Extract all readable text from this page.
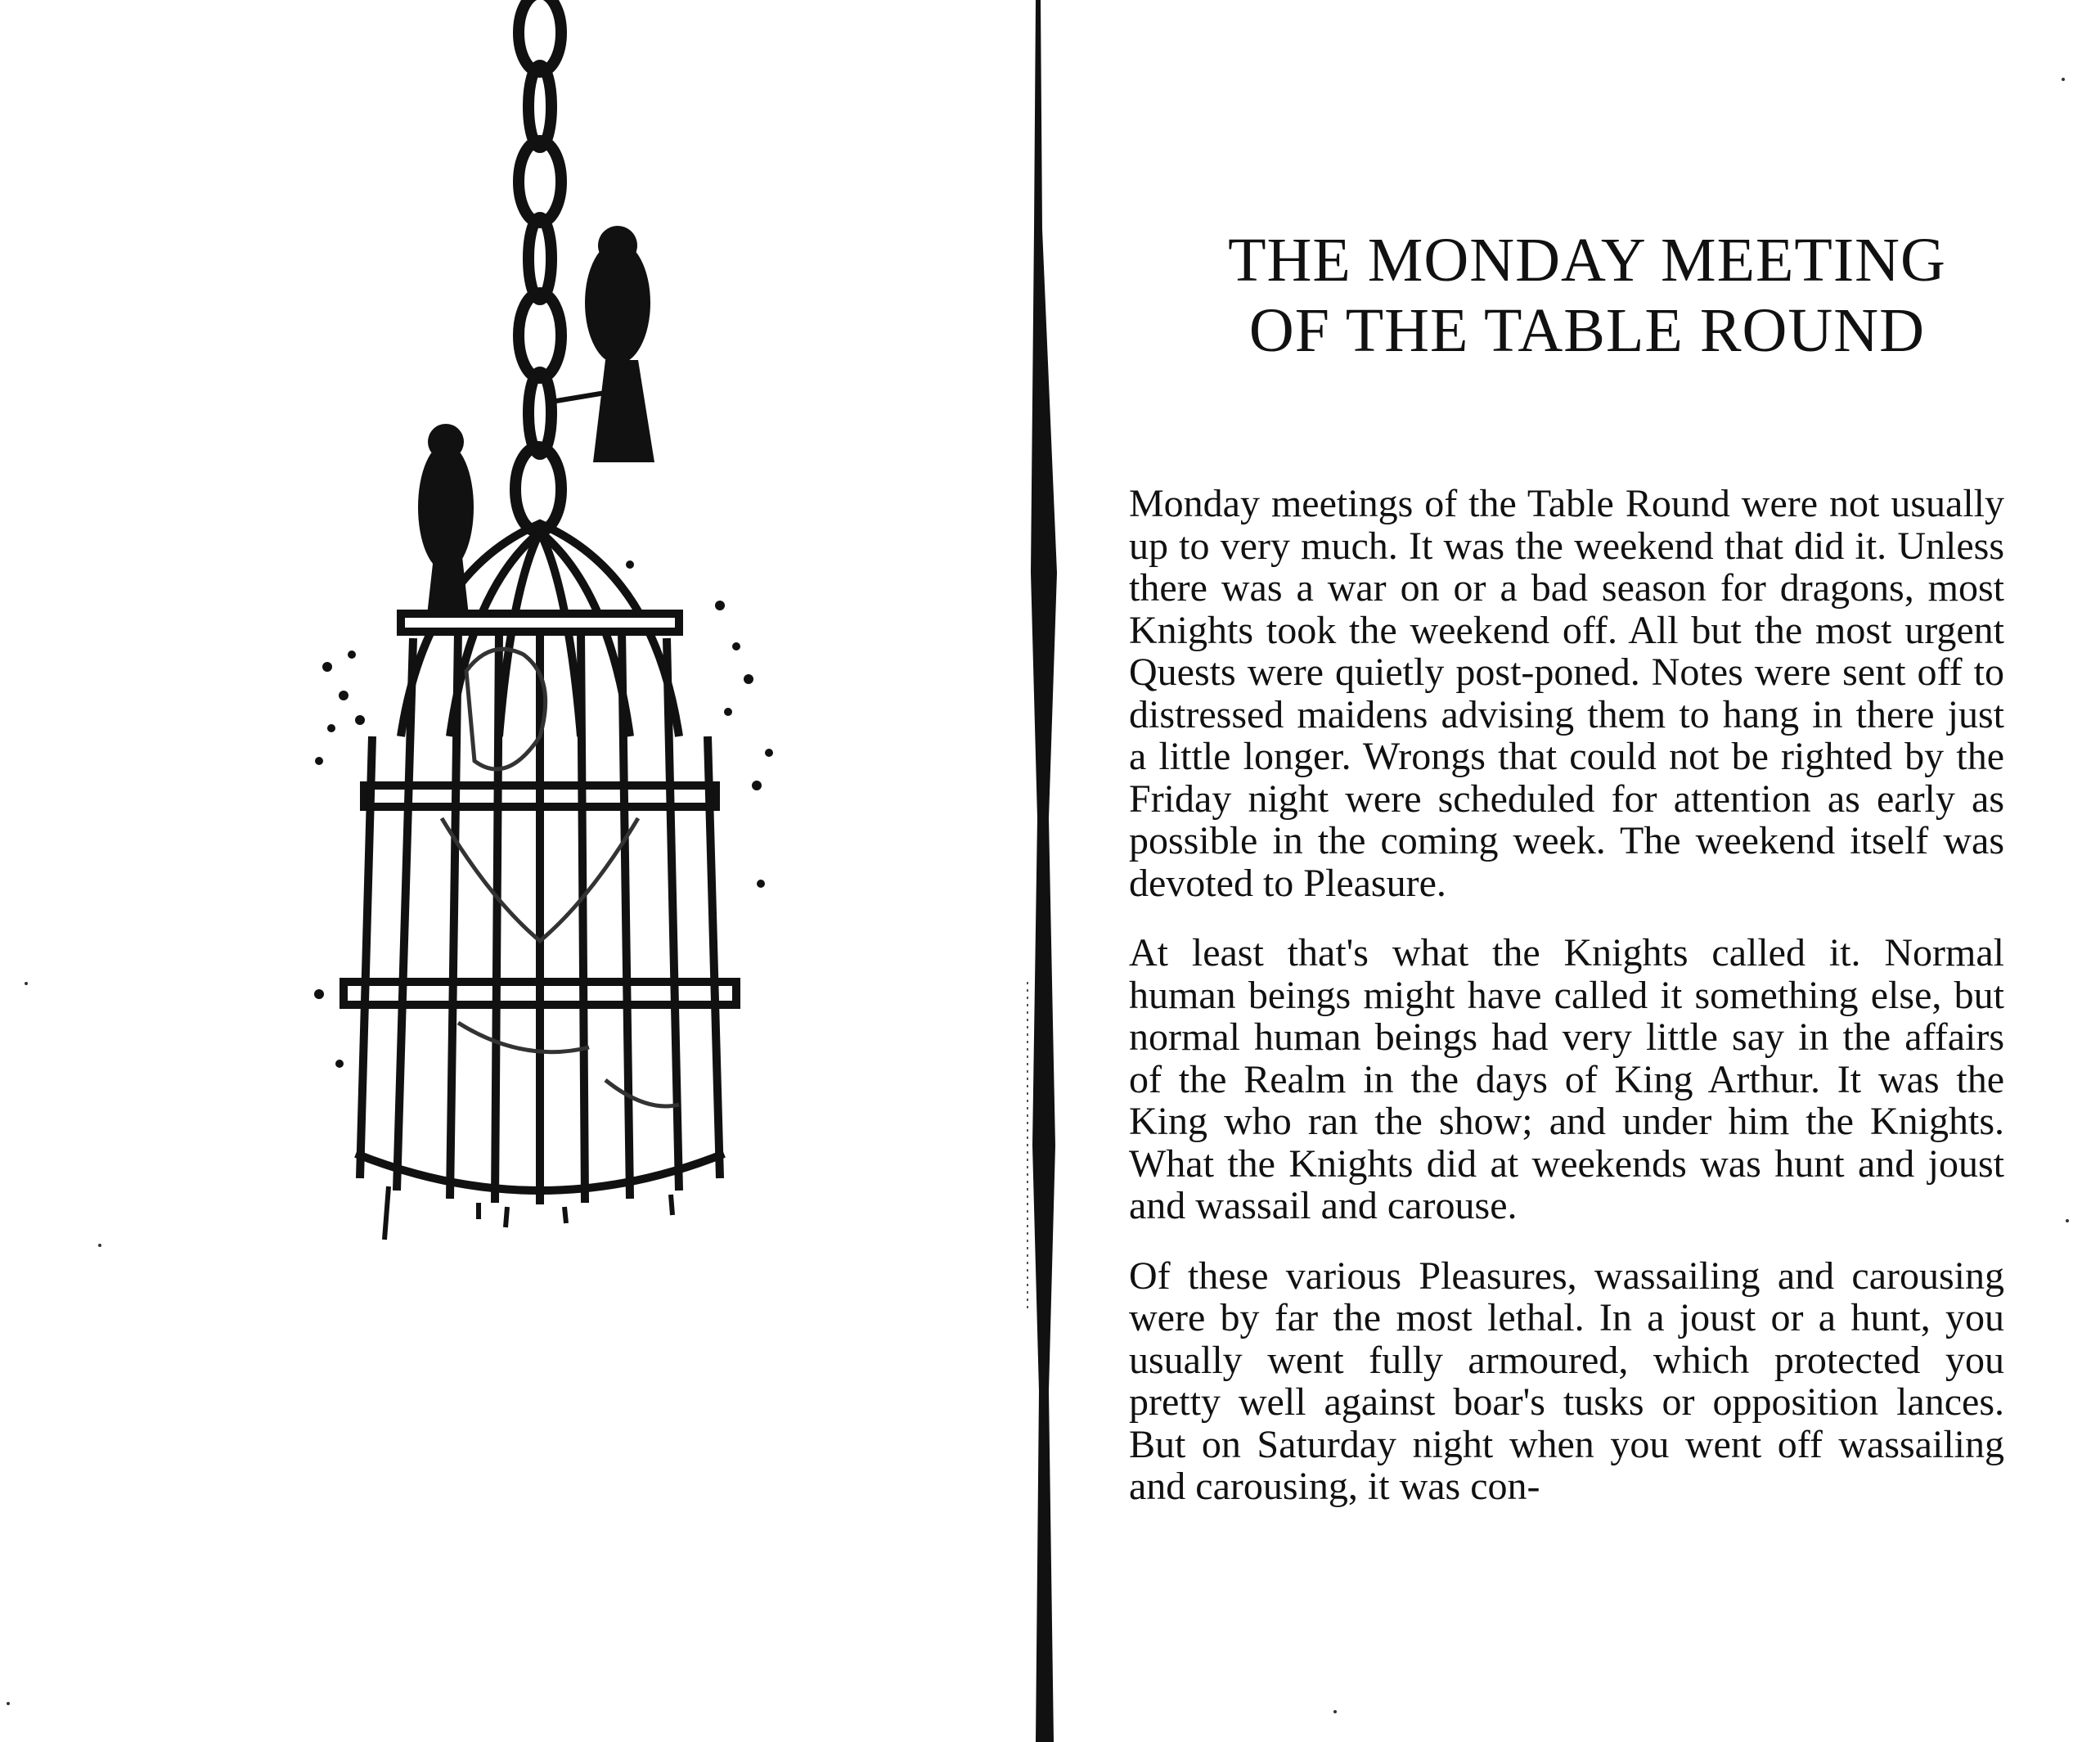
THE MONDAY MEETING
OF THE TABLE ROUND

Monday meetings of the Table Round were not usually up to very much. It was the weekend that did it. Unless there was a war on or a bad season for dragons, most Knights took the weekend off. All but the most urgent Quests were quietly post-poned. Notes were sent off to distressed maidens advising them to hang in there just a little longer. Wrongs that could not be righted by the Friday night were scheduled for attention as early as possible in the coming week. The weekend itself was devoted to Pleasure.

At least that's what the Knights called it. Normal human beings might have called it something else, but normal human beings had very little say in the affairs of the Realm in the days of King Arthur. It was the King who ran the show; and under him the Knights. What the Knights did at weekends was hunt and joust and wassail and carouse.

Of these various Pleasures, wassailing and carousing were by far the most lethal. In a joust or a hunt, you usually went fully armoured, which protected you pretty well against boar's tusks or opposition lances. But on Saturday night when you went off wassailing and carousing, it was con-
